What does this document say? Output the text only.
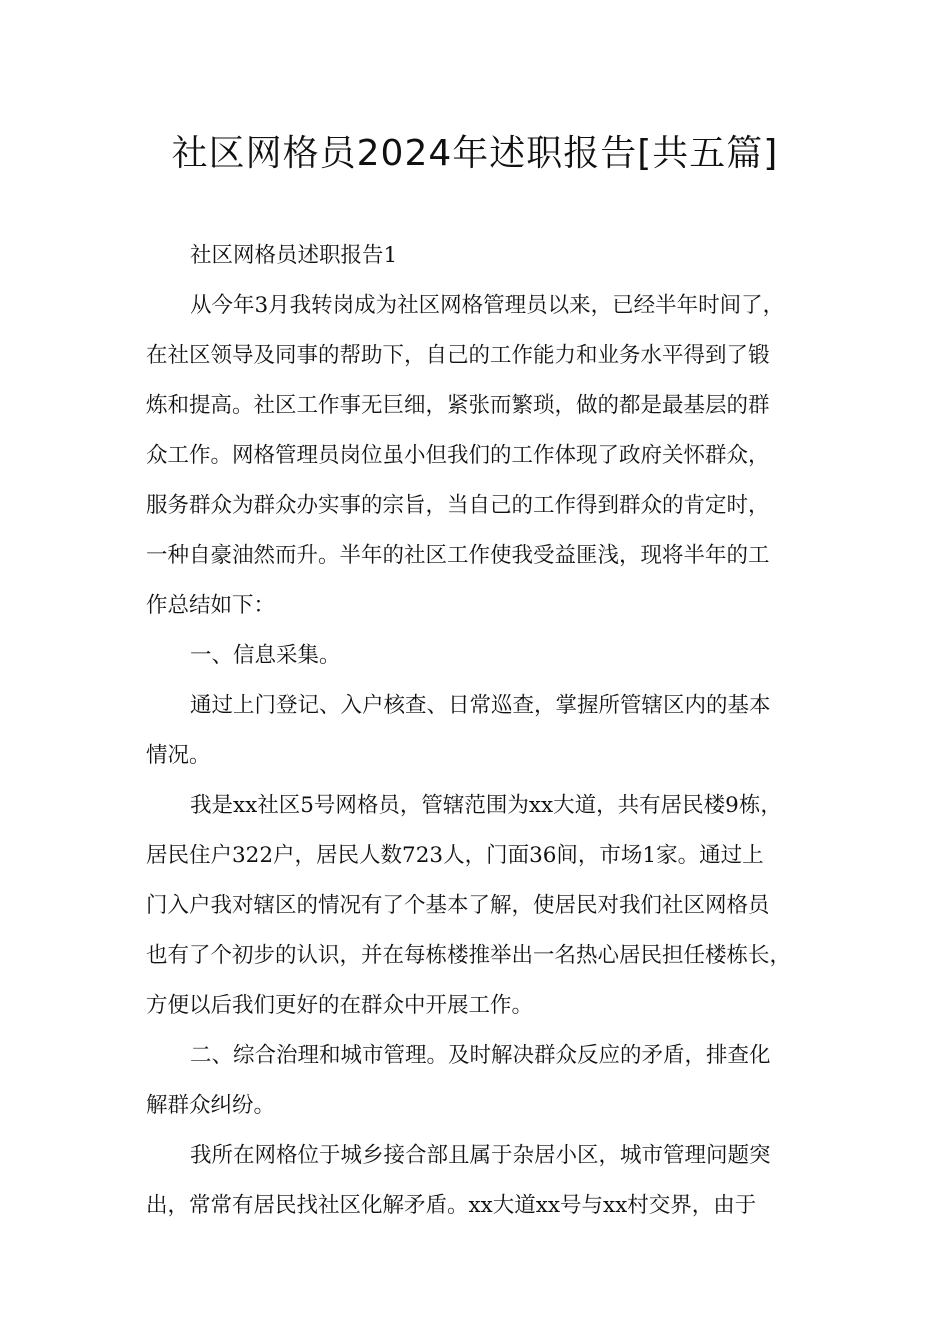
社区网格员2024年述职报告[共五篇]
社区网格员述职报告1
从今年3月我转岗成为社区网格管理员以来，已经半年时间了，
在社区领导及同事的帮助下，自己的工作能力和业务水平得到了锻
炼和提高。社区工作事无巨细，紧张而繁琐，做的都是最基层的群
众工作。网格管理员岗位虽小但我们的工作体现了政府关怀群众，
服务群众为群众办实事的宗旨，当自己的工作得到群众的肯定时，
一种自豪油然而升。半年的社区工作使我受益匪浅，现将半年的工
作总结如下：
一、信息采集。
通过上门登记、入户核查、日常巡查，掌握所管辖区内的基本
情况。
我是xx社区5号网格员，管辖范围为xx大道，共有居民楼9栋，
居民住户322户，居民人数723人，门面36间，市场1家。通过上
门入户我对辖区的情况有了个基本了解，使居民对我们社区网格员
也有了个初步的认识，并在每栋楼推举出一名热心居民担任楼栋长，
方便以后我们更好的在群众中开展工作。
二、综合治理和城市管理。及时解决群众反应的矛盾，排查化
解群众纠纷。
我所在网格位于城乡接合部且属于杂居小区，城市管理问题突
出，常常有居民找社区化解矛盾。xx大道xx号与xx村交界，由于
